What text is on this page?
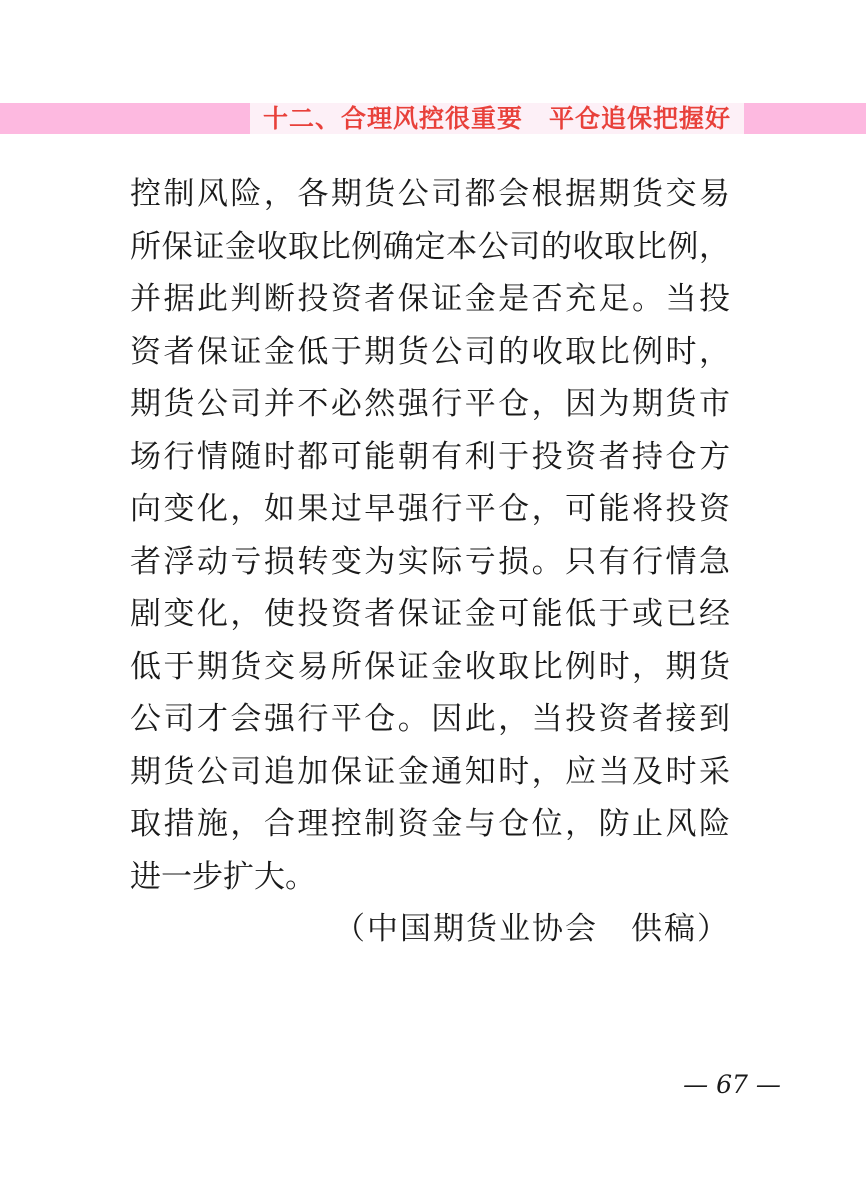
十二、合理风控很重要　平仓追保把握好
控制风险，各期货公司都会根据期货交易
所保证金收取比例确定本公司的收取比例，
并据此判断投资者保证金是否充足。当投
资者保证金低于期货公司的收取比例时，
期货公司并不必然强行平仓，因为期货市
场行情随时都可能朝有利于投资者持仓方
向变化，如果过早强行平仓，可能将投资
者浮动亏损转变为实际亏损。只有行情急
剧变化，使投资者保证金可能低于或已经
低于期货交易所保证金收取比例时，期货
公司才会强行平仓。因此，当投资者接到
期货公司追加保证金通知时，应当及时采
取措施，合理控制资金与仓位，防止风险
进一步扩大。
（中国期货业协会　供稿）
— 67 —
